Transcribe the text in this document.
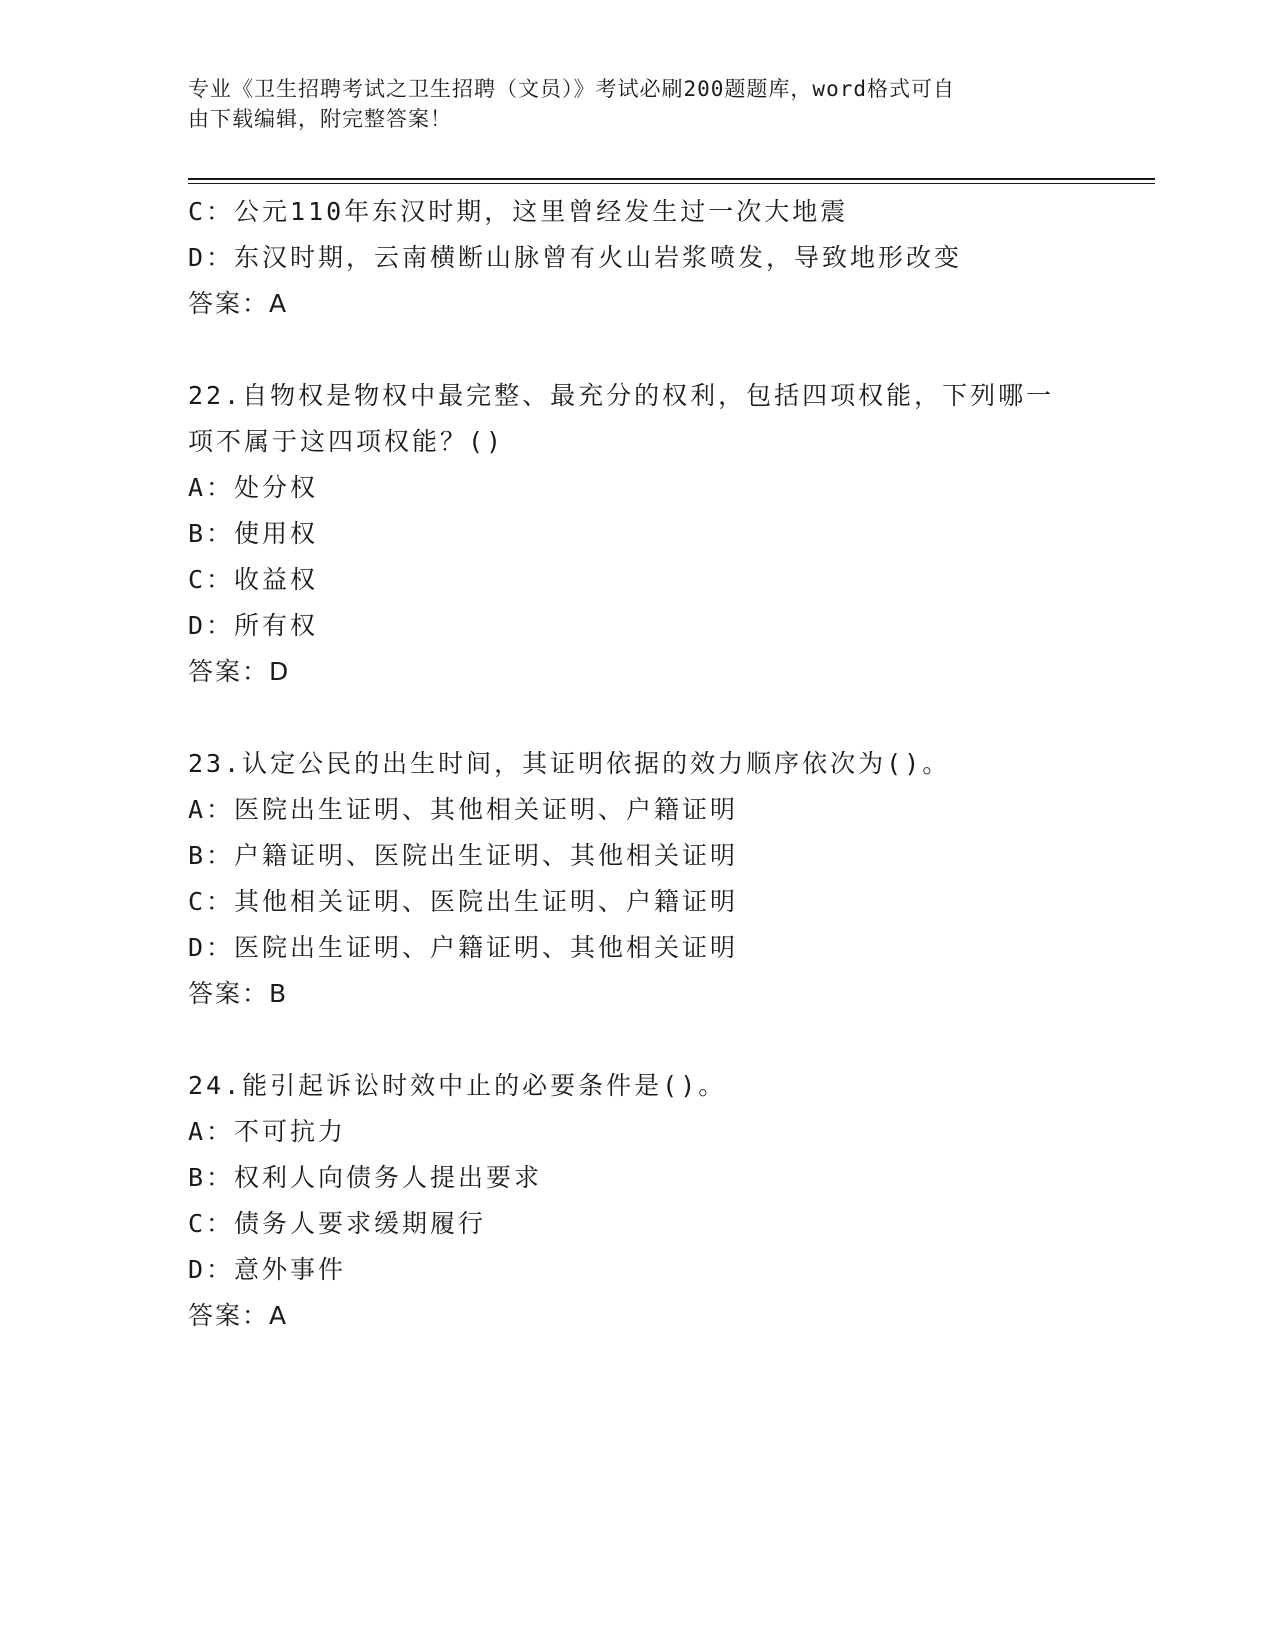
专业《卫生招聘考试之卫生招聘（文员）》考试必刷200题题库，word格式可自
由下载编辑，附完整答案！
C：公元110年东汉时期，这里曾经发生过一次大地震
D：东汉时期，云南横断山脉曾有火山岩浆喷发，导致地形改变
答案：A
22.自物权是物权中最完整、最充分的权利，包括四项权能，下列哪一
项不属于这四项权能？()
A：处分权
B：使用权
C：收益权
D：所有权
答案：D
23.认定公民的出生时间，其证明依据的效力顺序依次为()。
A：医院出生证明、其他相关证明、户籍证明
B：户籍证明、医院出生证明、其他相关证明
C：其他相关证明、医院出生证明、户籍证明
D：医院出生证明、户籍证明、其他相关证明
答案：B
24.能引起诉讼时效中止的必要条件是()。
A：不可抗力
B：权利人向债务人提出要求
C：债务人要求缓期履行
D：意外事件
答案：A
